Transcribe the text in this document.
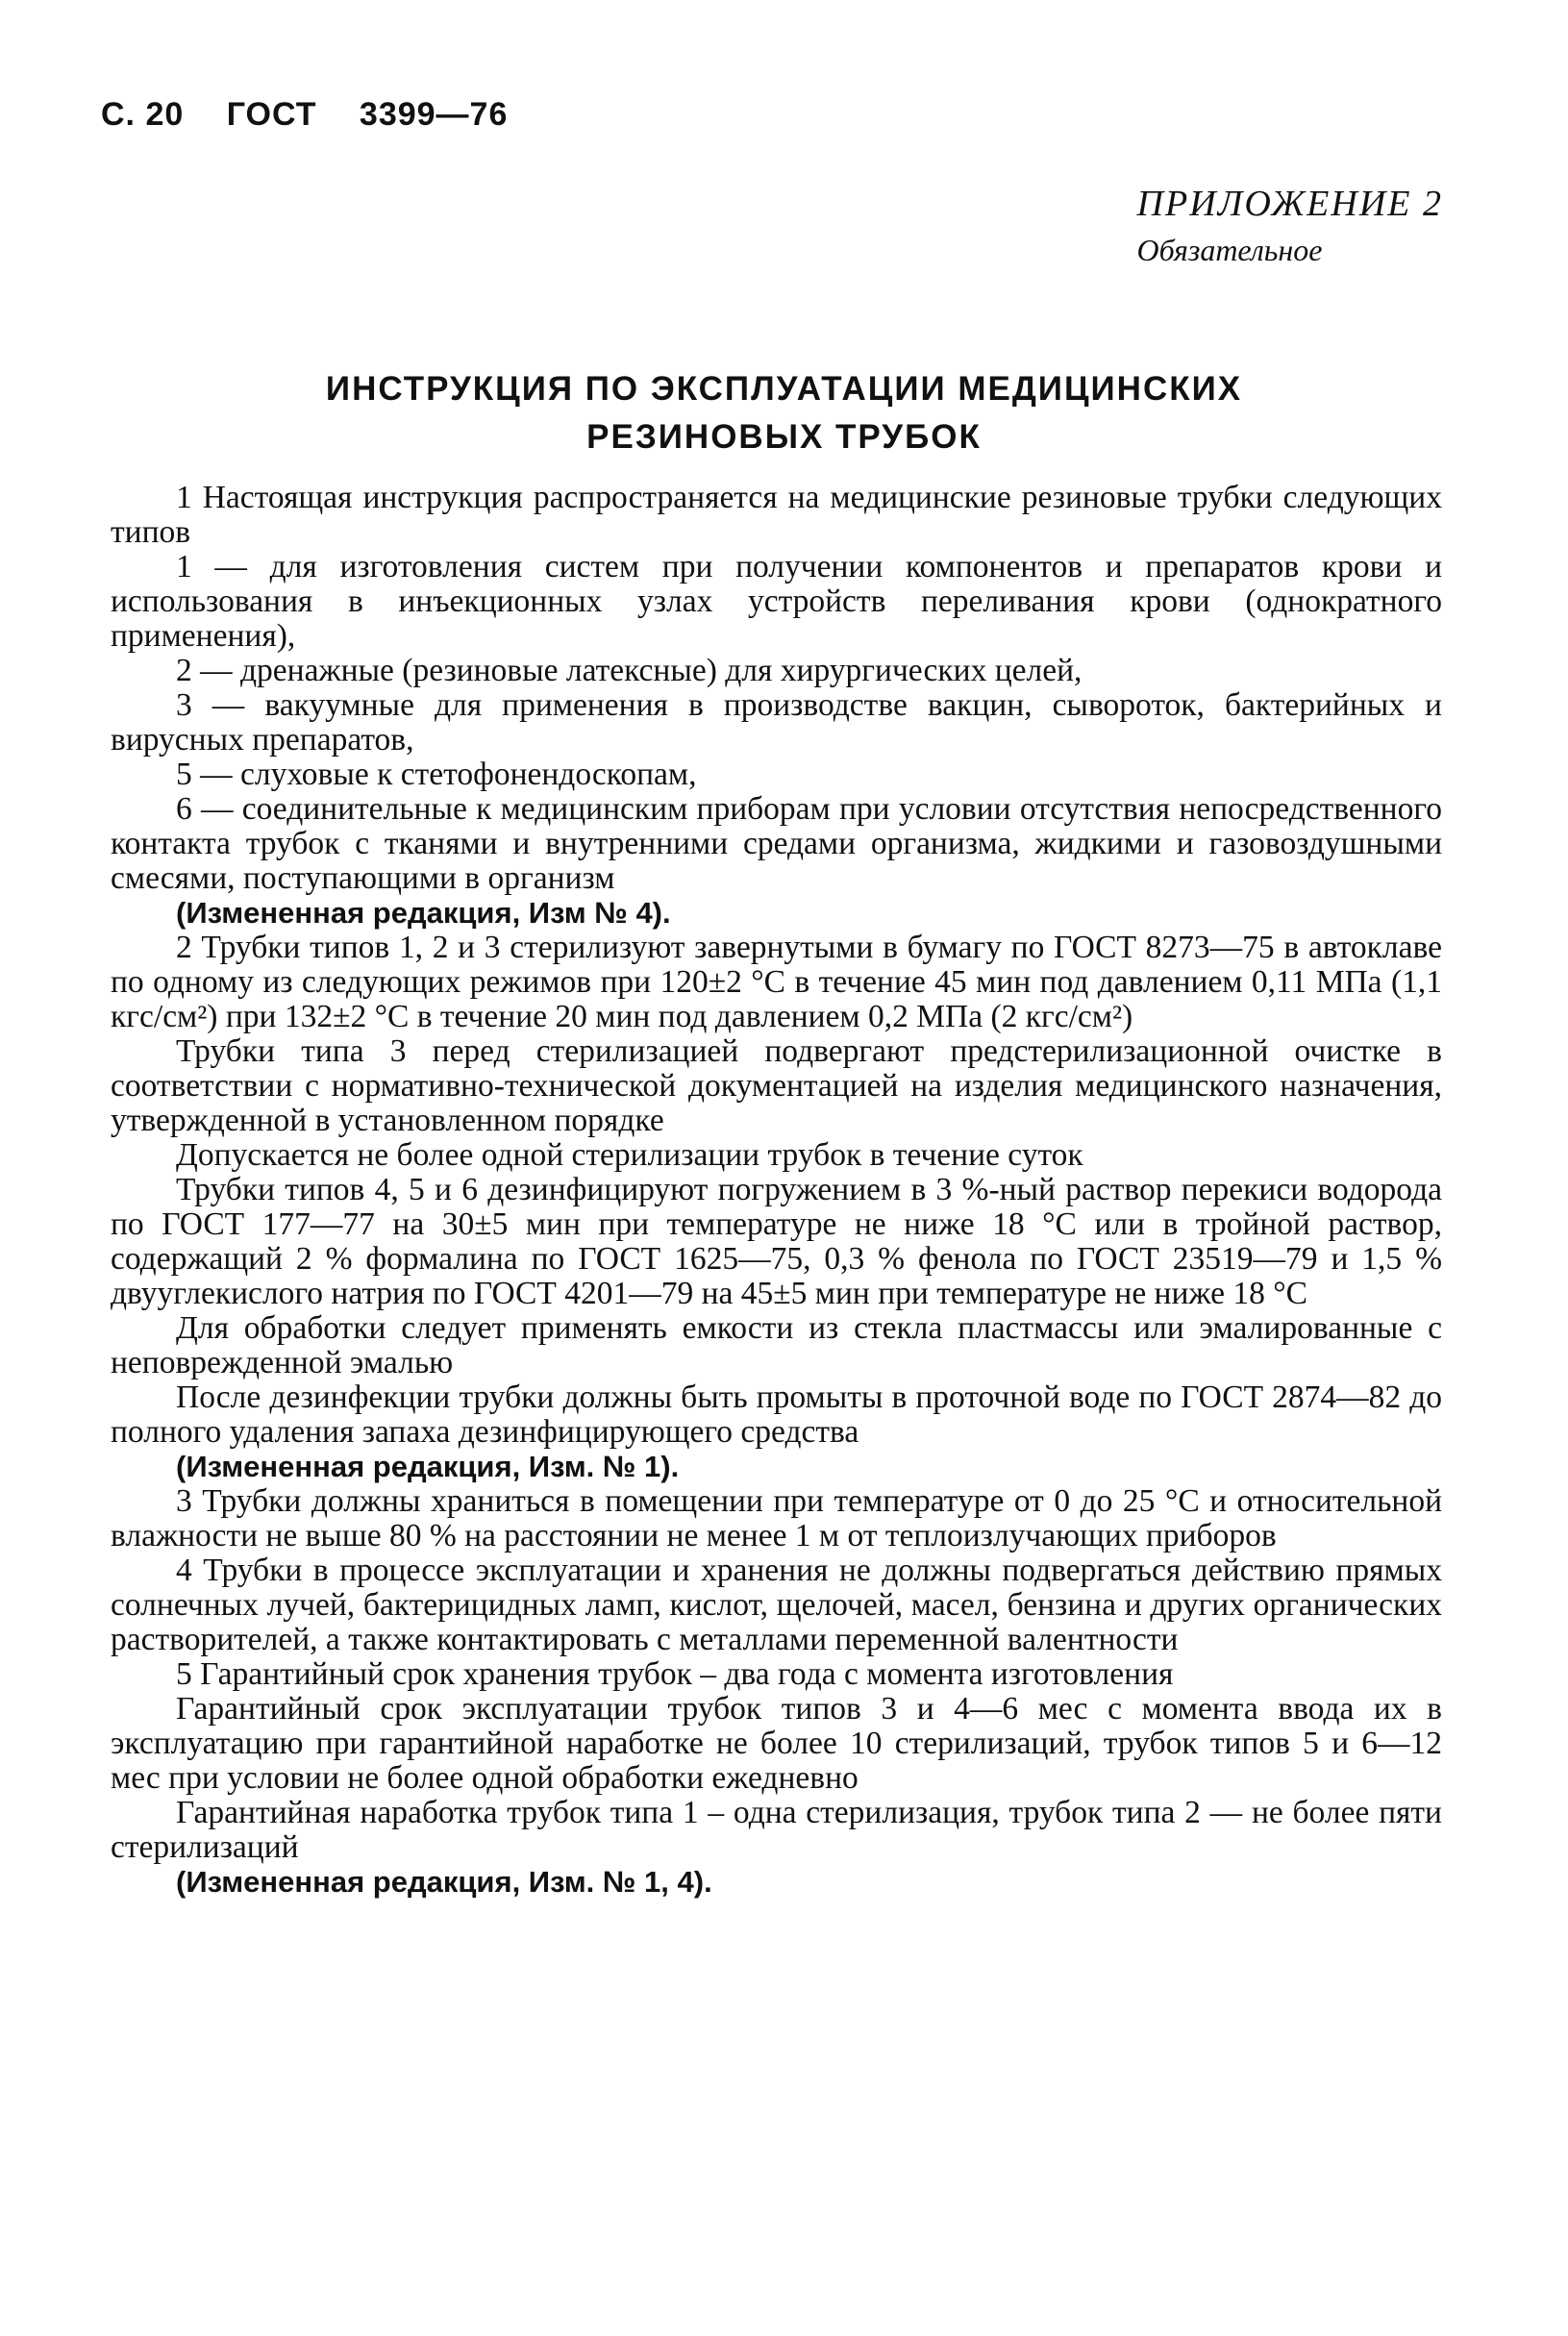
С. 20 ГОСТ 3399—76
ПРИЛОЖЕНИЕ 2
Обязательное
ИНСТРУКЦИЯ ПО ЭКСПЛУАТАЦИИ МЕДИЦИНСКИХ
РЕЗИНОВЫХ ТРУБОК

1 Настоящая инструкция распространяется на медицинские резиновые трубки следующих типов

1 — для изготовления систем при получении компонентов и препаратов крови и использования в инъекционных узлах устройств переливания крови (однократного применения),

2 — дренажные (резиновые латексные) для хирургических целей,

3 — вакуумные для применения в производстве вакцин, сывороток, бактерийных и вирусных препаратов,

5 — слуховые к стетофонендоскопам,

6 — соединительные к медицинским приборам при условии отсутствия непосредственного контакта трубок с тканями и внутренними средами организма, жидкими и газовоздушными смесями, поступающими в организм

(Измененная редакция, Изм № 4).

2 Трубки типов 1, 2 и 3 стерилизуют завернутыми в бумагу по ГОСТ 8273—75 в автоклаве по одному из следующих режимов при 120±2 °С в течение 45 мин под давлением 0,11 МПа (1,1 кгс/см²) при 132±2 °С в течение 20 мин под давлением 0,2 МПа (2 кгс/см²)

Трубки типа 3 перед стерилизацией подвергают предстерилизационной очистке в соответствии с нормативно-технической документацией на изделия медицинского назначения, утвержденной в установленном порядке

Допускается не более одной стерилизации трубок в течение суток

Трубки типов 4, 5 и 6 дезинфицируют погружением в 3 %-ный раствор перекиси водорода по ГОСТ 177—77 на 30±5 мин при температуре не ниже 18 °С или в тройной раствор, содержащий 2 % формалина по ГОСТ 1625—75, 0,3 % фенола по ГОСТ 23519—79 и 1,5 % двууглекислого натрия по ГОСТ 4201—79 на 45±5 мин при температуре не ниже 18 °С

Для обработки следует применять емкости из стекла пластмассы или эмалированные с неповрежденной эмалью

После дезинфекции трубки должны быть промыты в проточной воде по ГОСТ 2874—82 до полного удаления запаха дезинфицирующего средства

(Измененная редакция, Изм. № 1).

3 Трубки должны храниться в помещении при температуре от 0 до 25 °С и относительной влажности не выше 80 % на расстоянии не менее 1 м от теплоизлучающих приборов

4 Трубки в процессе эксплуатации и хранения не должны подвергаться действию прямых солнечных лучей, бактерицидных ламп, кислот, щелочей, масел, бензина и других органических растворителей, а также контактировать с металлами переменной валентности

5 Гарантийный срок хранения трубок – два года с момента изготовления

Гарантийный срок эксплуатации трубок типов 3 и 4—6 мес с момента ввода их в эксплуатацию при гарантийной наработке не более 10 стерилизаций, трубок типов 5 и 6—12 мес при условии не более одной обработки ежедневно

Гарантийная наработка трубок типа 1 – одна стерилизация, трубок типа 2 — не более пяти стерилизаций

(Измененная редакция, Изм. № 1, 4).
